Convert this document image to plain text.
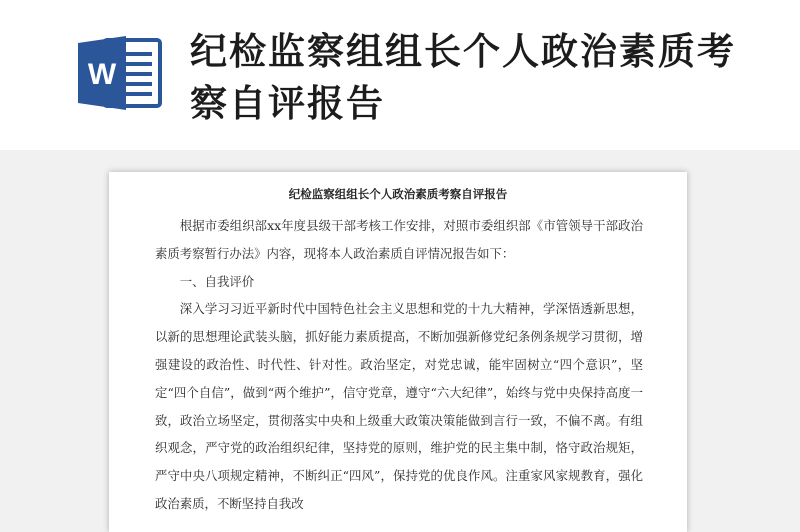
W
纪检监察组组长个人政治素质考察自评报告
纪检监察组组长个人政治素质考察自评报告

根据市委组织部xx年度县级干部考核工作安排，对照市委组织部《市管领导干部政治素质考察暂行办法》内容，现将本人政治素质自评情况报告如下：

一、自我评价

深入学习习近平新时代中国特色社会主义思想和党的十九大精神，学深悟透新思想，以新的思想理论武装头脑，抓好能力素质提高，不断加强新修党纪条例条规学习贯彻，增强建设的政治性、时代性、针对性。政治坚定，对党忠诚，能牢固树立“四个意识”，坚定“四个自信”，做到“两个维护”，信守党章，遵守“六大纪律”，始终与党中央保持高度一致，政治立场坚定，贯彻落实中央和上级重大政策决策能做到言行一致，不偏不离。有组织观念，严守党的政治组织纪律，坚持党的原则，维护党的民主集中制，恪守政治规矩，严守中央八项规定精神，不断纠正“四风”，保持党的优良作风。注重家风家规教育，强化政治素质，不断坚持自我改
